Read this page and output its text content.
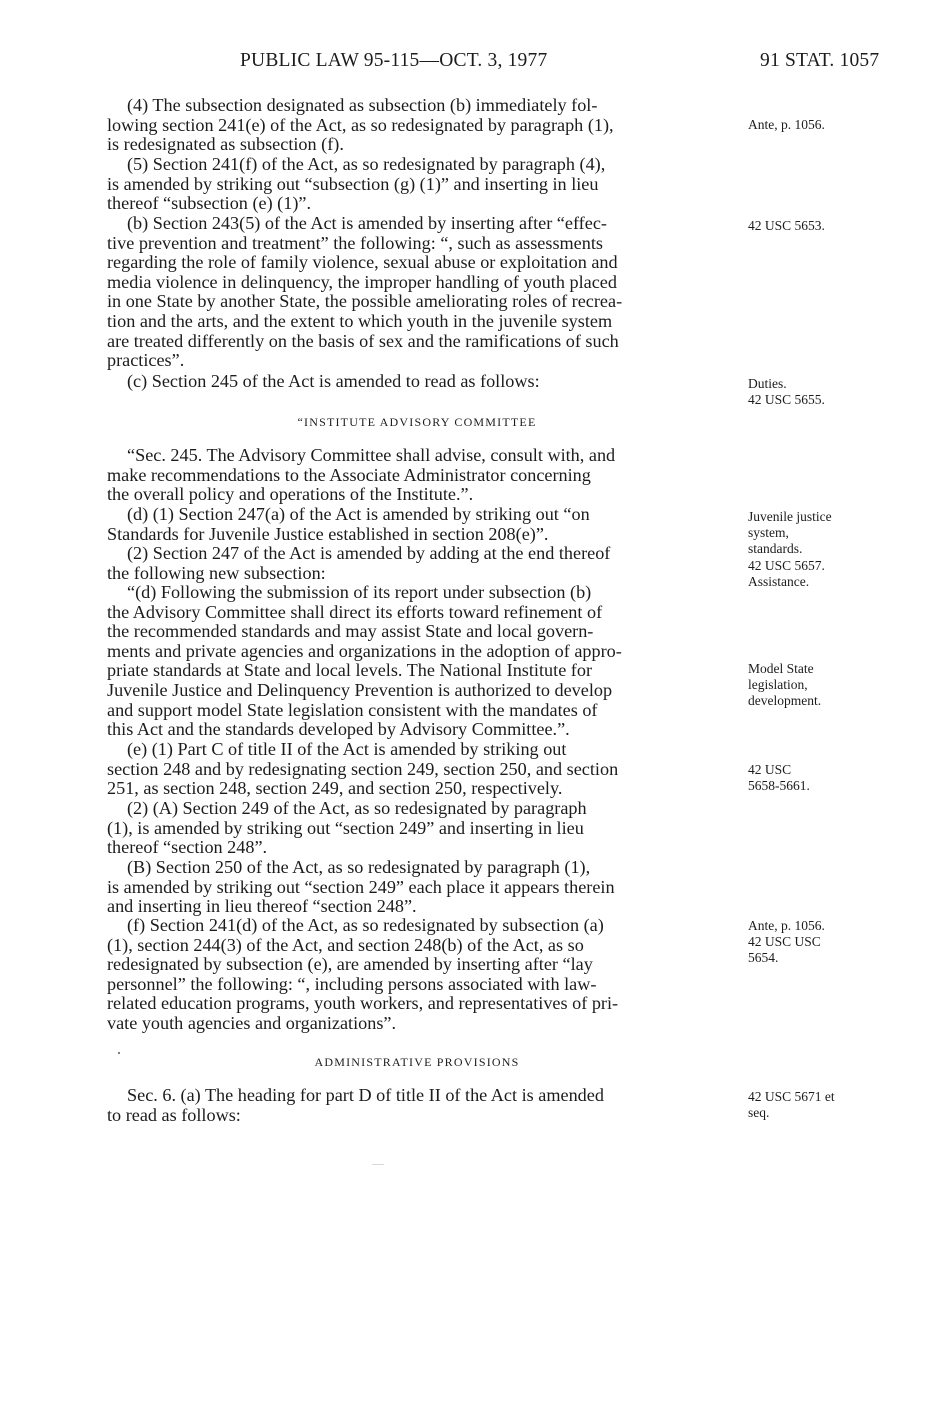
PUBLIC LAW 95-115—OCT. 3, 1977	91 STAT. 1057
(4) The subsection designated as subsection (b) immediately fol-
lowing section 241(e) of the Act, as so redesignated by paragraph (1),
is redesignated as subsection (f).
(5) Section 241(f) of the Act, as so redesignated by paragraph (4),
is amended by striking out “subsection (g) (1)” and inserting in lieu
thereof “subsection (e) (1)”.
(b) Section 243(5) of the Act is amended by inserting after “effec-
tive prevention and treatment” the following: “, such as assessments
regarding the role of family violence, sexual abuse or exploitation and
media violence in delinquency, the improper handling of youth placed
in one State by another State, the possible ameliorating roles of recrea-
tion and the arts, and the extent to which youth in the juvenile system
are treated differently on the basis of sex and the ramifications of such
practices”.
(c) Section 245 of the Act is amended to read as follows:
“INSTITUTE ADVISORY COMMITTEE
“Sec. 245. The Advisory Committee shall advise, consult with, and
make recommendations to the Associate Administrator concerning
the overall policy and operations of the Institute.”.
(d) (1) Section 247(a) of the Act is amended by striking out “on
Standards for Juvenile Justice established in section 208(e)”.
(2) Section 247 of the Act is amended by adding at the end thereof
the following new subsection:
“(d) Following the submission of its report under subsection (b)
the Advisory Committee shall direct its efforts toward refinement of
the recommended standards and may assist State and local govern-
ments and private agencies and organizations in the adoption of appro-
priate standards at State and local levels. The National Institute for
Juvenile Justice and Delinquency Prevention is authorized to develop
and support model State legislation consistent with the mandates of
this Act and the standards developed by Advisory Committee.”.
(e) (1) Part C of title II of the Act is amended by striking out
section 248 and by redesignating section 249, section 250, and section
251, as section 248, section 249, and section 250, respectively.
(2) (A) Section 249 of the Act, as so redesignated by paragraph
(1), is amended by striking out “section 249” and inserting in lieu
thereof “section 248”.
(B) Section 250 of the Act, as so redesignated by paragraph (1),
is amended by striking out “section 249” each place it appears therein
and inserting in lieu thereof “section 248”.
(f) Section 241(d) of the Act, as so redesignated by subsection (a)
(1), section 244(3) of the Act, and section 248(b) of the Act, as so
redesignated by subsection (e), are amended by inserting after “lay
personnel” the following: “, including persons associated with law-
related education programs, youth workers, and representatives of pri-
vate youth agencies and organizations”.
ADMINISTRATIVE PROVISIONS
Sec. 6. (a) The heading for part D of title II of the Act is amended
to read as follows:
Ante, p. 1056.
42 USC 5653.
Duties.
42 USC 5655.
Juvenile justice
system,
standards.
42 USC 5657.
Assistance.
Model State
legislation,
development.
42 USC
5658-5661.
Ante, p. 1056.
42 USC USC
5654.
42 USC 5671 et
seq.
